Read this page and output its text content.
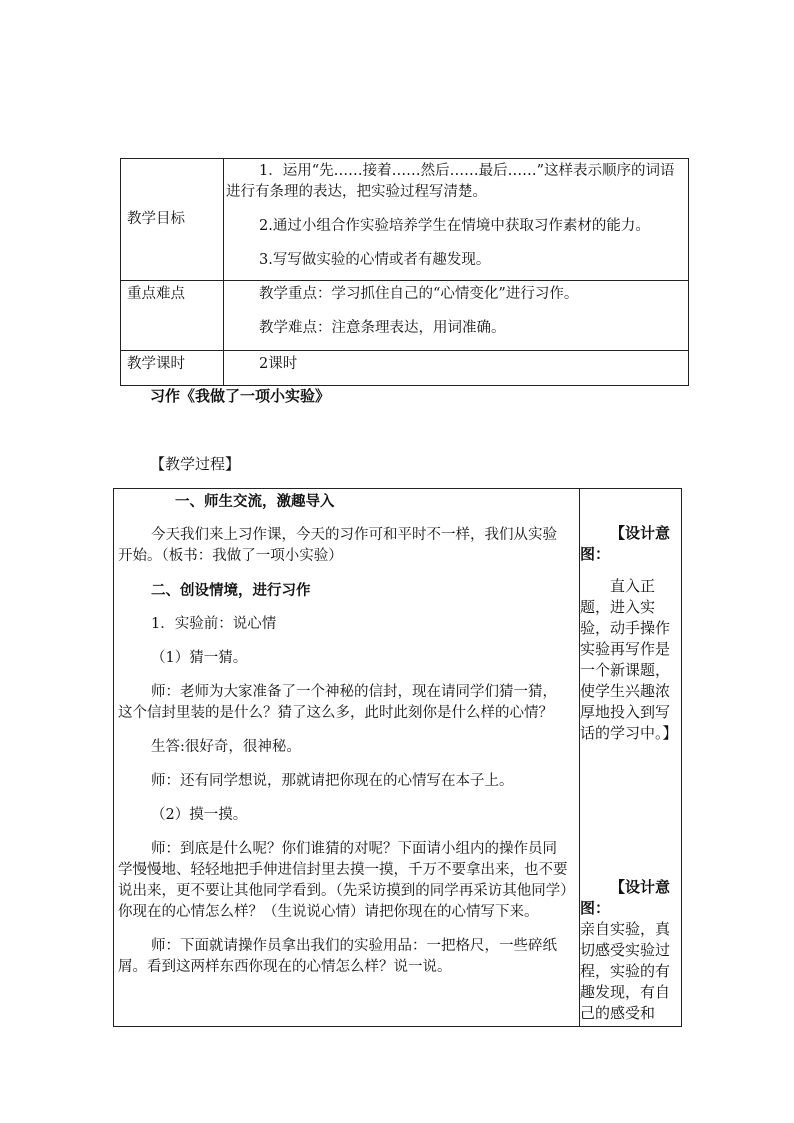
教学目标	1．运用“先……接着……然后……最后……”这样表示顺序的词语进行有条理的表达，把实验过程写清楚。

2.通过小组合作实验培养学生在情境中获取习作素材的能力。

3.写写做实验的心情或者有趣发现。

重点难点	教学重点：学习抓住自己的“心情变化”进行习作。

教学难点：注意条理表达，用词准确。

教学课时	2课时

习作《我做了一项小实验》
【教学过程】

一、师生交流，激趣导入

今天我们来上习作课，今天的习作可和平时不一样，我们从实验开始。（板书：我做了一项小实验）

二、创设情境，进行习作

1．实验前：说心情

（1）猜一猜。

师：老师为大家准备了一个神秘的信封，现在请同学们猜一猜，这个信封里装的是什么？猜了这么多，此时此刻你是什么样的心情？

生答:很好奇，很神秘。

师：还有同学想说，那就请把你现在的心情写在本子上。

（2）摸一摸。

师：到底是什么呢？你们谁猜的对呢？下面请小组内的操作员同学慢慢地、轻轻地把手伸进信封里去摸一摸，千万不要拿出来，也不要说出来，更不要让其他同学看到。（先采访摸到的同学再采访其他同学）你现在的心情怎么样？（生说说心情）请把你现在的心情写下来。

师：下面就请操作员拿出我们的实验用品：一把格尺，一些碎纸屑。看到这两样东西你现在的心情怎么样？说一说。

【设计意图：
直入正题，进入实验，动手操作实验再写作是一个新课题，使学生兴趣浓厚地投入到写话的学习中。】
【设计意图：亲自实验，真切感受实验过程，实验的有趣发现，有自己的感受和
